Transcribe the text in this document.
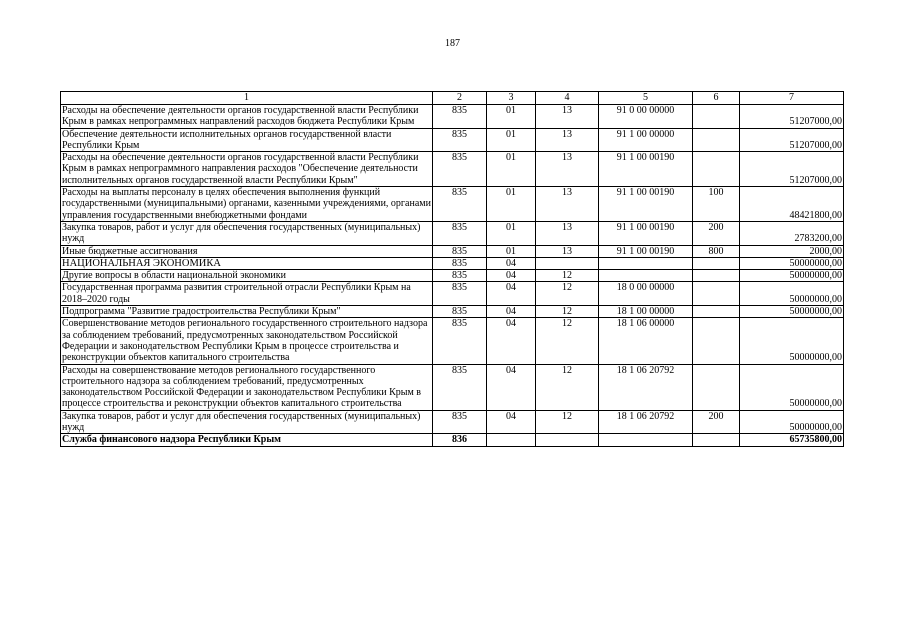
187
1	2	3	4	5	6	7
Расходы на обеспечение деятельности органов государственной власти Республики Крым в рамках непрограммных направлений расходов бюджета Республики Крым	835	01	13	91 0 00 00000		51207000,00
Обеспечение деятельности исполнительных органов государственной власти Республики Крым	835	01	13	91 1 00 00000		51207000,00
Расходы на обеспечение деятельности органов государственной власти Республики Крым в рамках непрограммного направления расходов "Обеспечение деятельности исполнительных органов государственной власти Республики Крым"	835	01	13	91 1 00 00190		51207000,00
Расходы на выплаты персоналу в целях обеспечения выполнения функций государственными (муниципальными) органами, казенными учреждениями, органами управления государственными внебюджетными фондами	835	01	13	91 1 00 00190	100	48421800,00
Закупка товаров, работ и услуг для обеспечения государственных (муниципальных) нужд	835	01	13	91 1 00 00190	200	2783200,00
Иные бюджетные ассигнования	835	01	13	91 1 00 00190	800	2000,00
НАЦИОНАЛЬНАЯ ЭКОНОМИКА	835	04				50000000,00
Другие вопросы в области национальной экономики	835	04	12			50000000,00
Государственная программа развития строительной отрасли Республики Крым на 2018–2020 годы	835	04	12	18 0 00 00000		50000000,00
Подпрограмма "Развитие градостроительства Республики Крым"	835	04	12	18 1 00 00000		50000000,00
Совершенствование методов регионального государственного строительного надзора за соблюдением требований, предусмотренных законодательством Российской Федерации и законодательством Республики Крым в процессе строительства и реконструкции объектов капитального строительства	835	04	12	18 1 06 00000		50000000,00
Расходы на совершенствование методов регионального государственного строительного надзора за соблюдением требований, предусмотренных законодательством Российской Федерации и законодательством Республики Крым в процессе строительства и реконструкции объектов капитального строительства	835	04	12	18 1 06 20792		50000000,00
Закупка товаров, работ и услуг для обеспечения государственных (муниципальных) нужд	835	04	12	18 1 06 20792	200	50000000,00
Служба финансового надзора Республики Крым	836					65735800,00
